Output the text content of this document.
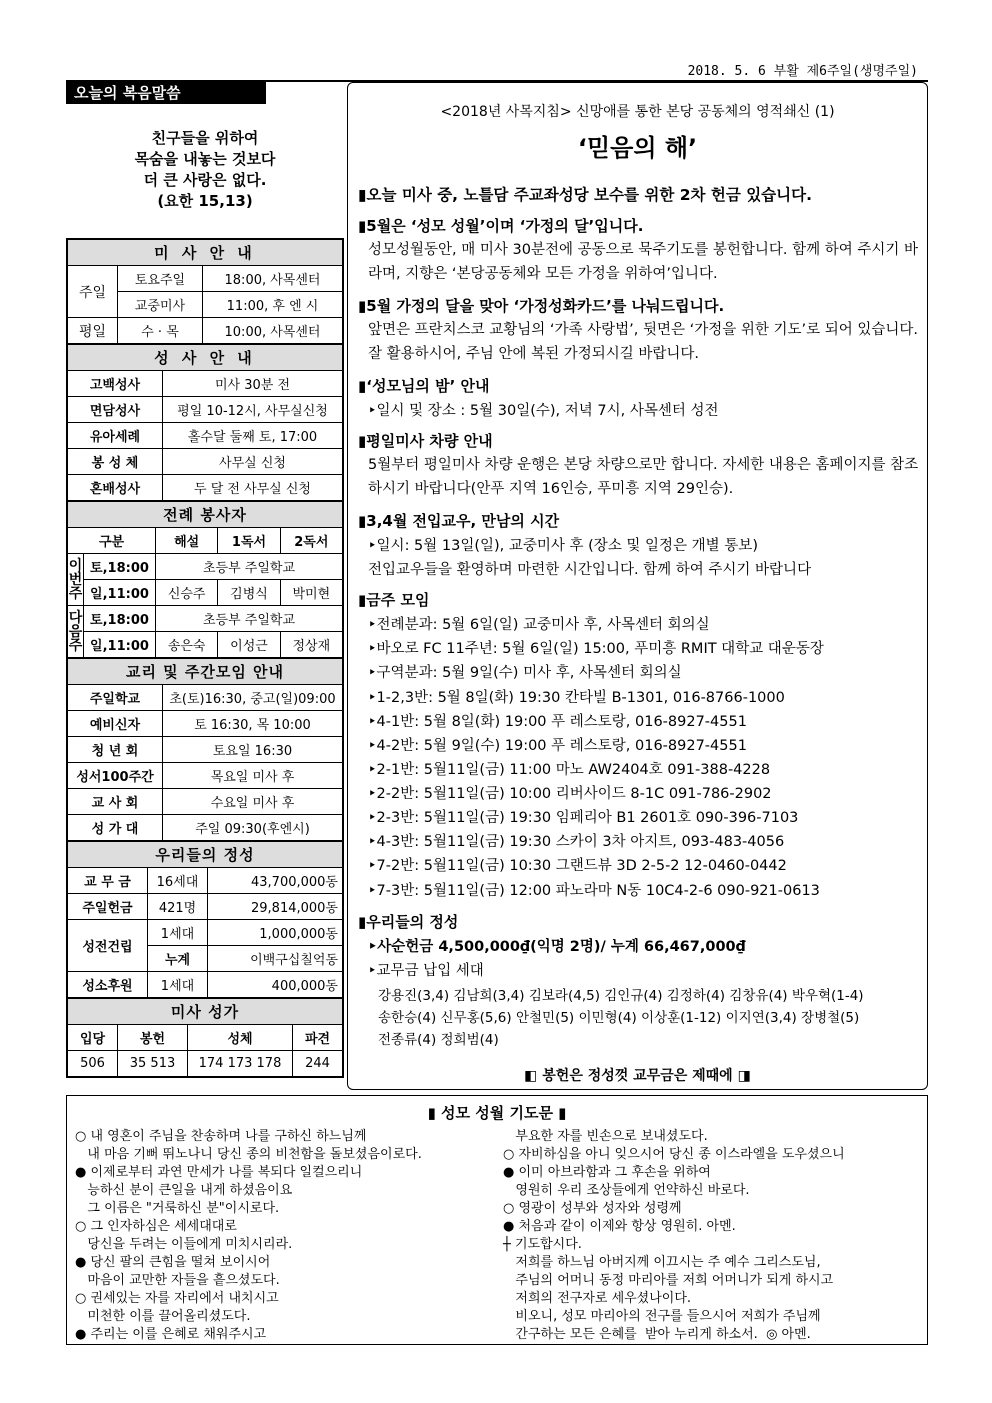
2018. 5. 6 부활 제6주일(생명주일)
오늘의 복음말씀
친구들을 위하여
목숨을 내놓는 것보다
더 큰 사랑은 없다.
(요한 15,13)
미 사 안 내		
주일	토요주일	18:00, 사목센터
	교중미사	11:00, 후 엔 시
평일	수 · 목	10:00, 사목센터
성 사 안 내	
고백성사	미사 30분 전
면담성사	평일 10-12시, 사무실신청
유아세례	홀수달 둘째 토, 17:00
봉 성 체	사무실 신청
혼배성사	두 달 전 사무실 신청
전례 봉사자				
구분		해설	1독서	2독서
이번주	토,18:00	초등부 주일학교		
	일,11:00	신승주	김병식	박미현
다음주	토,18:00	초등부 주일학교		
	일,11:00	송은숙	이성근	정상재
교리 및 주간모임 안내	
주일학교	초(토)16:30, 중고(일)09:00
예비신자	토 16:30, 목 10:00
청 년 회	토요일 16:30
성서100주간	목요일 미사 후
교 사 회	수요일 미사 후
성 가 대	주일 09:30(후엔시)
우리들의 정성		
교 무 금	16세대	43,700,000동
주일헌금	421명	29,814,000동
성전건립	1세대	1,000,000동
	누계	이백구십칠억동
성소후원	1세대	400,000동
미사 성가			
입당	봉헌	성체	파견
506	35 513	174 173 178	244
<2018년 사목지침> 신망애를 통한 본당 공동체의 영적쇄신 (1)
‘믿음의 해’
▮오늘 미사 중, 노틀담 주교좌성당 보수를 위한 2차 헌금 있습니다.
▮5월은 ‘성모 성월’이며 ‘가정의 달’입니다.
성모성월동안, 매 미사 30분전에 공동으로 묵주기도를 봉헌합니다. 함께 하여 주시기 바라며, 지향은 ‘본당공동체와 모든 가정을 위하여’입니다.
▮5월 가정의 달을 맞아 ‘가정성화카드’를 나눠드립니다.
앞면은 프란치스코 교황님의 ‘가족 사랑법’, 뒷면은 ‘가정을 위한 기도’로 되어 있습니다. 잘 활용하시어, 주님 안에 복된 가정되시길 바랍니다.
▮‘성모님의 밤’ 안내
‣일시 및 장소 : 5월 30일(수), 저녁 7시, 사목센터 성전
▮평일미사 차량 안내
5월부터 평일미사 차량 운행은 본당 차량으로만 합니다. 자세한 내용은 홈페이지를 참조하시기 바랍니다(안푸 지역 16인승, 푸미흥 지역 29인승).
▮3,4월 전입교우, 만남의 시간
‣일시: 5월 13일(일), 교중미사 후 (장소 및 일정은 개별 통보)
전입교우들을 환영하며 마련한 시간입니다. 함께 하여 주시기 바랍니다
▮금주 모임
‣전례분과: 5월 6일(일) 교중미사 후, 사목센터 회의실
‣바오로 FC 11주년: 5월 6일(일) 15:00, 푸미흥 RMIT 대학교 대운동장
‣구역분과: 5월 9일(수) 미사 후, 사목센터 회의실
‣1-2,3반: 5월 8일(화) 19:30 칸타빌 B-1301, 016-8766-1000
‣4-1반: 5월 8일(화) 19:00 푸 레스토랑, 016-8927-4551
‣4-2반: 5월 9일(수) 19:00 푸 레스토랑, 016-8927-4551
‣2-1반: 5월11일(금) 11:00 마노 AW2404호 091-388-4228
‣2-2반: 5월11일(금) 10:00 리버사이드 8-1C 091-786-2902
‣2-3반: 5월11일(금) 19:30 임페리아 B1 2601호 090-396-7103
‣4-3반: 5월11일(금) 19:30 스카이 3차 아지트, 093-483-4056
‣7-2반: 5월11일(금) 10:30 그랜드뷰 3D 2-5-2 12-0460-0442
‣7-3반: 5월11일(금) 12:00 파노라마 N동 10C4-2-6 090-921-0613
▮우리들의 정성
‣사순헌금 4,500,000₫(익명 2명)/ 누계 66,467,000₫
‣교무금 납입 세대
강용진(3,4) 김남희(3,4) 김보라(4,5) 김인규(4) 김정하(4) 김창유(4) 박우혁(1-4)
송한승(4) 신무홍(5,6) 안철민(5) 이민형(4) 이상훈(1-12) 이지연(3,4) 장병철(5)
전종류(4) 정희범(4)
◧ 봉헌은 정성껏 교무금은 제때에 ◨
▮ 성모 성월 기도문 ▮
○ 내 영혼이 주님을 찬송하며 나를 구하신 하느님께
내 마음 기뻐 뛰노나니 당신 종의 비천함을 돌보셨음이로다.
● 이제로부터 과연 만세가 나를 복되다 일컬으리니
능하신 분이 큰일을 내게 하셨음이요
그 이름은 "거룩하신 분"이시로다.
○ 그 인자하심은 세세대대로
당신을 두려는 이들에게 미치시리라.
● 당신 팔의 큰힘을 떨쳐 보이시어
마음이 교만한 자들을 흩으셨도다.
○ 권세있는 자를 자리에서 내치시고
미천한 이를 끌어올리셨도다.
● 주리는 이를 은혜로 채워주시고
부요한 자를 빈손으로 보내셨도다.
○ 자비하심을 아니 잊으시어 당신 종 이스라엘을 도우셨으니
● 이미 아브라함과 그 후손을 위하여
영원히 우리 조상들에게 언약하신 바로다.
○ 영광이 성부와 성자와 성령께
● 처음과 같이 이제와 항상 영원히. 아멘.
┼ 기도합시다.
저희를 하느님 아버지께 이끄시는 주 예수 그리스도님,
주님의 어머니 동정 마리아를 저희 어머니가 되게 하시고
저희의 전구자로 세우셨나이다.
비오니, 성모 마리아의 전구를 들으시어 저희가 주님께
간구하는 모든 은혜를  받아 누리게 하소서.  ◎ 아멘.
